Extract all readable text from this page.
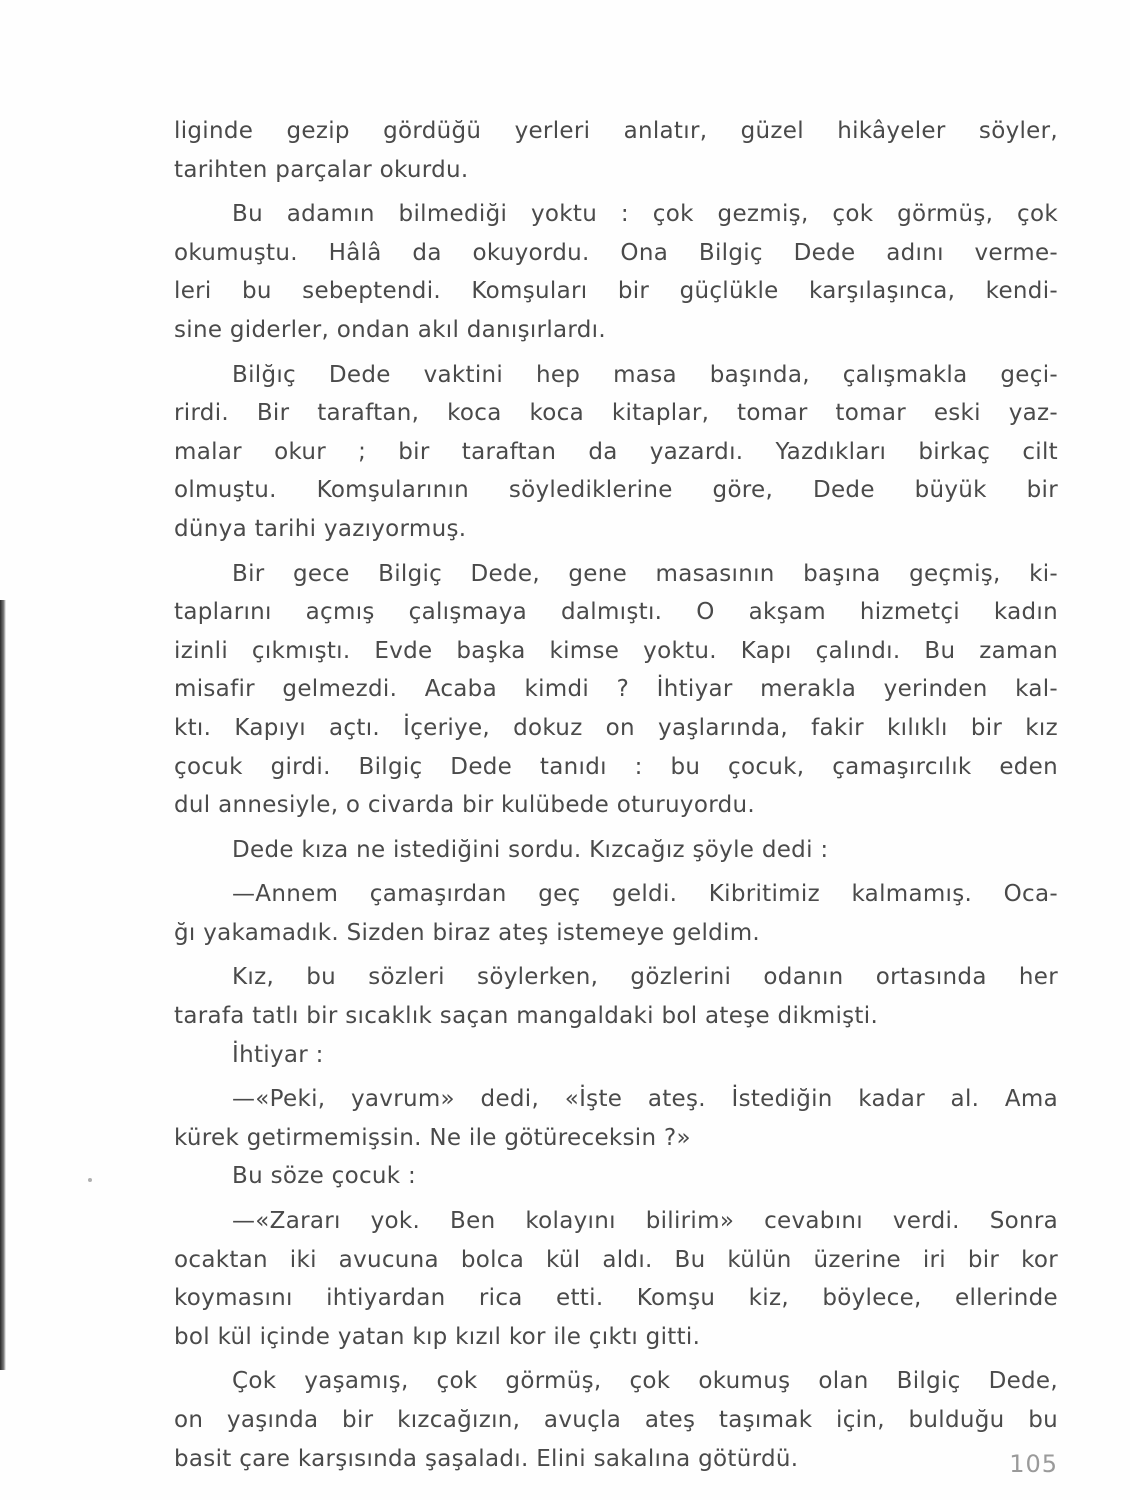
liginde gezip gördüğü yerleri anlatır, güzel hikâyeler söyler,
tarihten parçalar okurdu.
Bu adamın bilmediği yoktu : çok gezmiş, çok görmüş, çok
okumuştu. Hâlâ da okuyordu. Ona Bilgiç Dede adını verme-
leri bu sebeptendi. Komşuları bir güçlükle karşılaşınca, kendi-
sine giderler, ondan akıl danışırlardı.
Bilğıç Dede vaktini hep masa başında, çalışmakla geçi-
rirdi. Bir taraftan, koca koca kitaplar, tomar tomar eski yaz-
malar okur ; bir taraftan da yazardı. Yazdıkları birkaç cilt
olmuştu. Komşularının söylediklerine göre, Dede büyük bir
dünya tarihi yazıyormuş.
Bir gece Bilgiç Dede, gene masasının başına geçmiş, ki-
taplarını açmış çalışmaya dalmıştı. O akşam hizmetçi kadın
izinli çıkmıştı. Evde başka kimse yoktu. Kapı çalındı. Bu zaman
misafir gelmezdi. Acaba kimdi ? İhtiyar merakla yerinden kal-
ktı. Kapıyı açtı. İçeriye, dokuz on yaşlarında, fakir kılıklı bir kız
çocuk girdi. Bilgiç Dede tanıdı : bu çocuk, çamaşırcılık eden
dul annesiyle, o civarda bir kulübede oturuyordu.
Dede kıza ne istediğini sordu. Kızcağız şöyle dedi :
—Annem çamaşırdan geç geldi. Kibritimiz kalmamış. Oca-
ğı yakamadık. Sizden biraz ateş istemeye geldim.
Kız, bu sözleri söylerken, gözlerini odanın ortasında her
tarafa tatlı bir sıcaklık saçan mangaldaki bol ateşe dikmişti.
İhtiyar :
—«Peki, yavrum» dedi, «İşte ateş. İstediğin kadar al. Ama
kürek getirmemişsin. Ne ile götüreceksin ?»
Bu söze çocuk :
—«Zararı yok. Ben kolayını bilirim» cevabını verdi. Sonra
ocaktan iki avucuna bolca kül aldı. Bu külün üzerine iri bir kor
koymasını ihtiyardan rica etti. Komşu kiz, böylece, ellerinde
bol kül içinde yatan kıp kızıl kor ile çıktı gitti.
Çok yaşamış, çok görmüş, çok okumuş olan Bilgiç Dede,
on yaşında bir kızcağızın, avuçla ateş taşımak için, bulduğu bu
basit çare karşısında şaşaladı. Elini sakalına götürdü.	105
